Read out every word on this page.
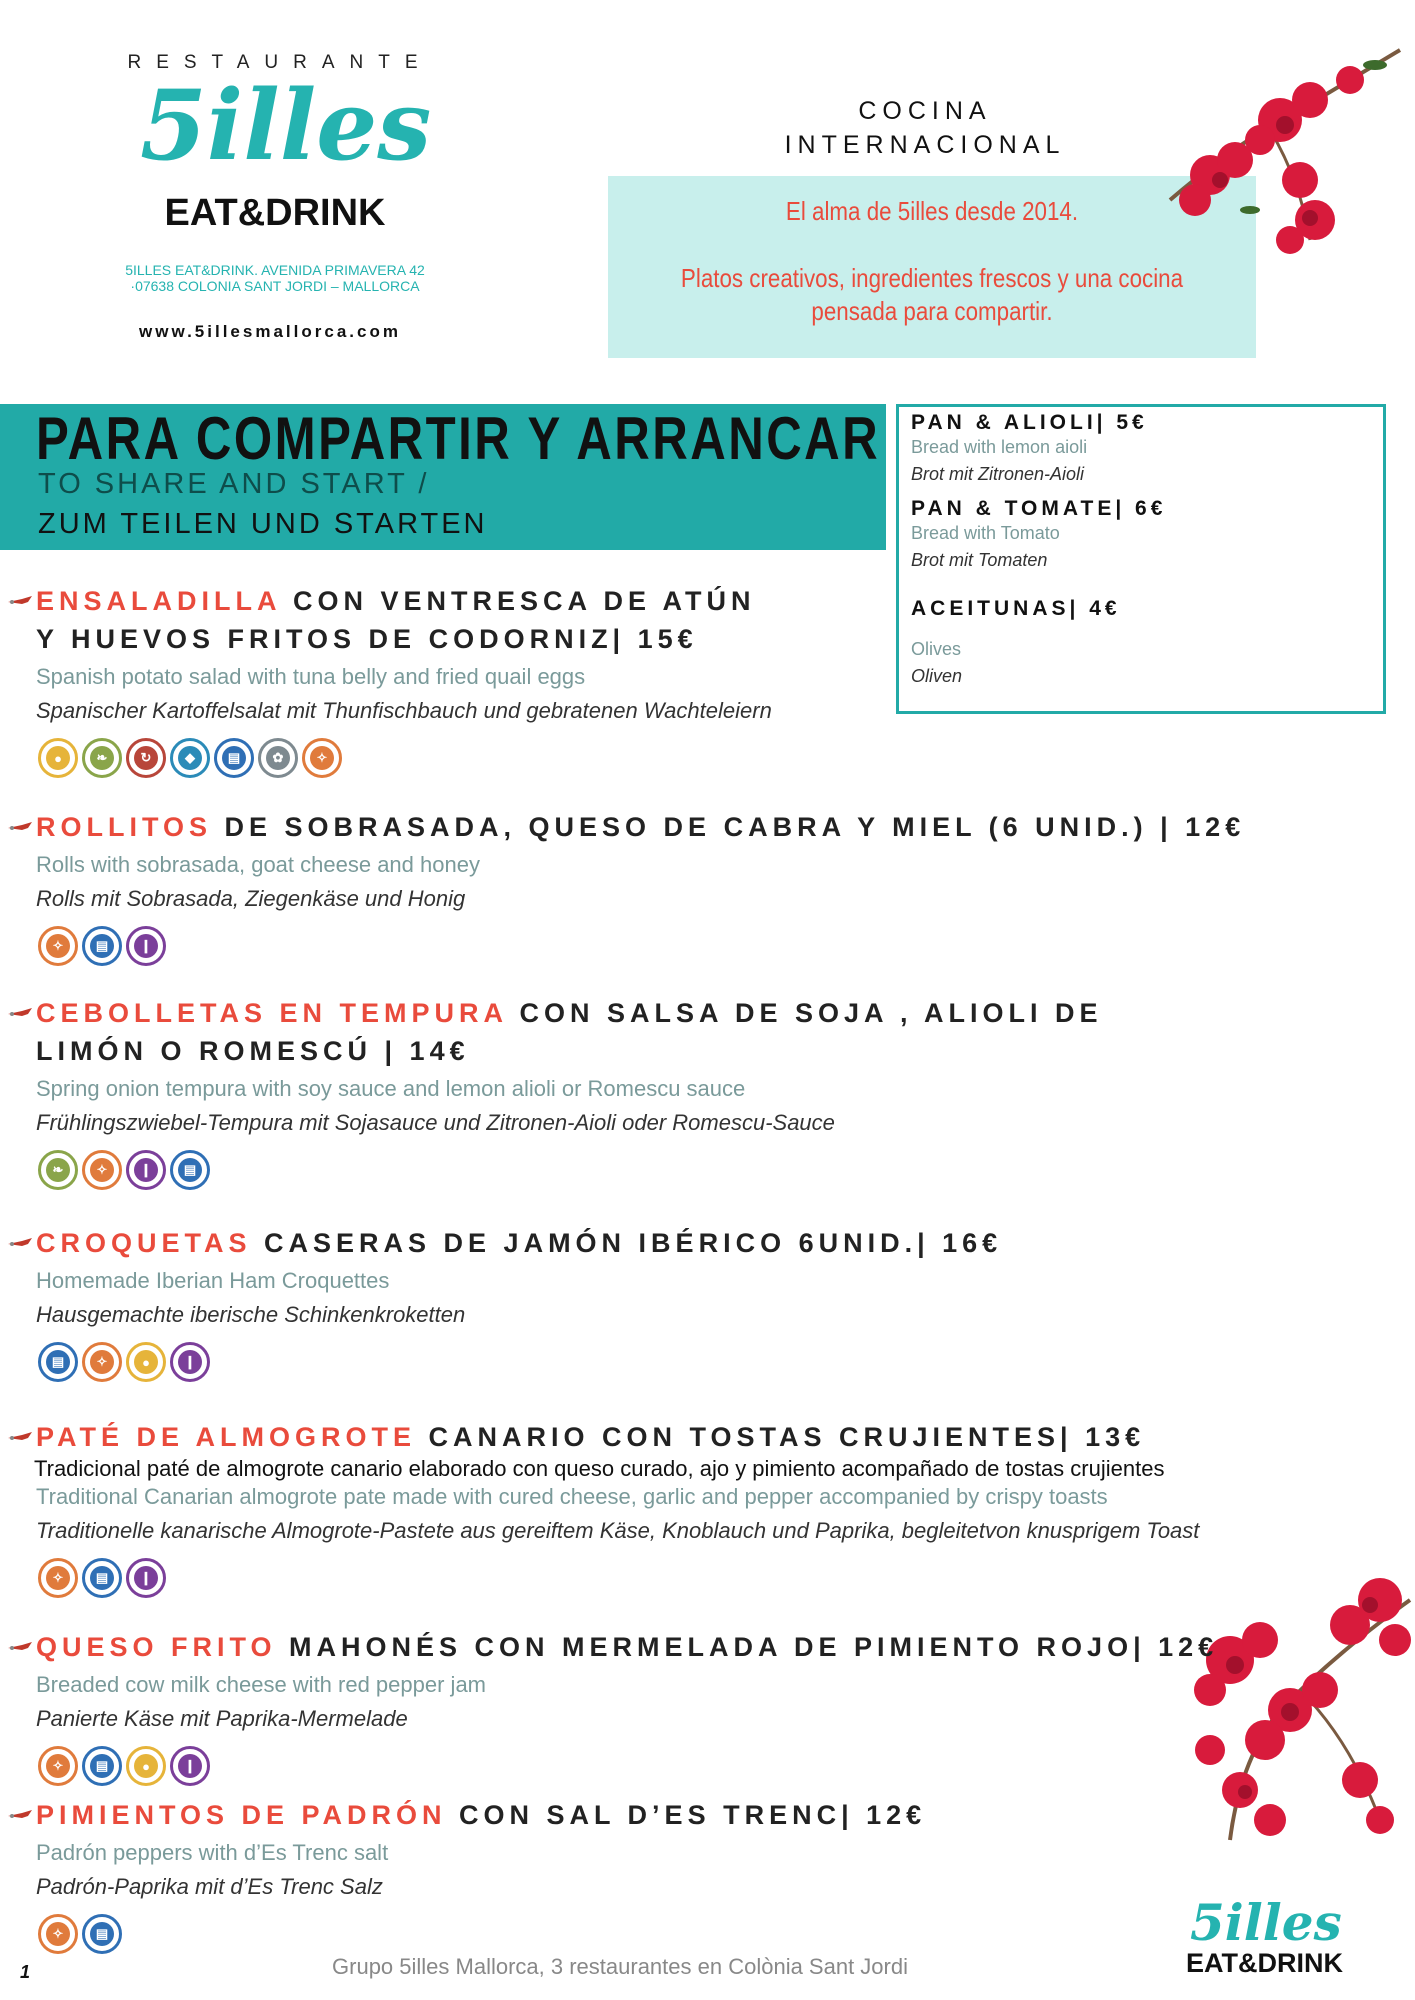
RESTAURANTE
5illes
EAT&DRINK
5ILLES EAT&DRINK. AVENIDA PRIMAVERA 42
·07638 COLONIA SANT JORDI – MALLORCA
www.5illesmallorca.com
COCINA
INTERNACIONAL
El alma de 5illes desde 2014.
Platos creativos, ingredientes frescos y una cocina
pensada para compartir.
PARA COMPARTIR Y ARRANCAR
TO SHARE AND START /
ZUM TEILEN UND STARTEN
PAN & ALIOLI| 5€
Bread with lemon aioli
Brot mit Zitronen-Aioli
PAN & TOMATE| 6€
Bread with Tomato
Brot mit Tomaten
ACEITUNAS| 4€
Olives
Oliven
ENSALADILLA CON VENTRESCA DE ATÚN
Y HUEVOS FRITOS DE CODORNIZ| 15€
Spanish potato salad with tuna belly and fried quail eggs
Spanischer Kartoffelsalat mit Thunfischbauch und gebratenen Wachteleiern
●	❧	↻	◆	▤	✿	✧
ROLLITOS DE SOBRASADA, QUESO DE CABRA Y MIEL (6 UNID.) | 12€
Rolls with sobrasada, goat cheese and honey
Rolls mit Sobrasada, Ziegenkäse und Honig
✧	▤	❙
CEBOLLETAS EN TEMPURA CON SALSA DE SOJA , ALIOLI DE
LIMÓN O ROMESCÚ | 14€
Spring onion tempura with soy sauce and lemon alioli or Romescu sauce
Frühlingszwiebel-Tempura mit Sojasauce und Zitronen-Aioli oder Romescu-Sauce
❧	✧	❙	▤
CROQUETAS CASERAS DE JAMÓN IBÉRICO 6UNID.| 16€
Homemade Iberian Ham Croquettes
Hausgemachte iberische Schinkenkroketten
▤	✧	●	❙
PATÉ DE ALMOGROTE CANARIO CON TOSTAS CRUJIENTES| 13€
Tradicional paté de almogrote canario elaborado con queso curado, ajo y pimiento acompañado de tostas crujientes
Traditional Canarian almogrote pate made with cured cheese, garlic and pepper accompanied by crispy toasts
Traditionelle kanarische Almogrote-Pastete aus gereiftem Käse, Knoblauch und Paprika, begleitetvon knusprigem Toast
✧	▤	❙
QUESO FRITO MAHONÉS CON MERMELADA DE PIMIENTO ROJO| 12€
Breaded cow milk cheese with red pepper jam
Panierte Käse mit Paprika-Mermelade
✧	▤	●	❙
PIMIENTOS DE PADRÓN CON SAL D’ES TRENC| 12€
Padrón peppers with d’Es Trenc salt
Padrón-Paprika mit d’Es Trenc Salz
✧	▤
1	Grupo 5illes Mallorca, 3 restaurantes en Colònia Sant Jordi
5illes
EAT&DRINK
